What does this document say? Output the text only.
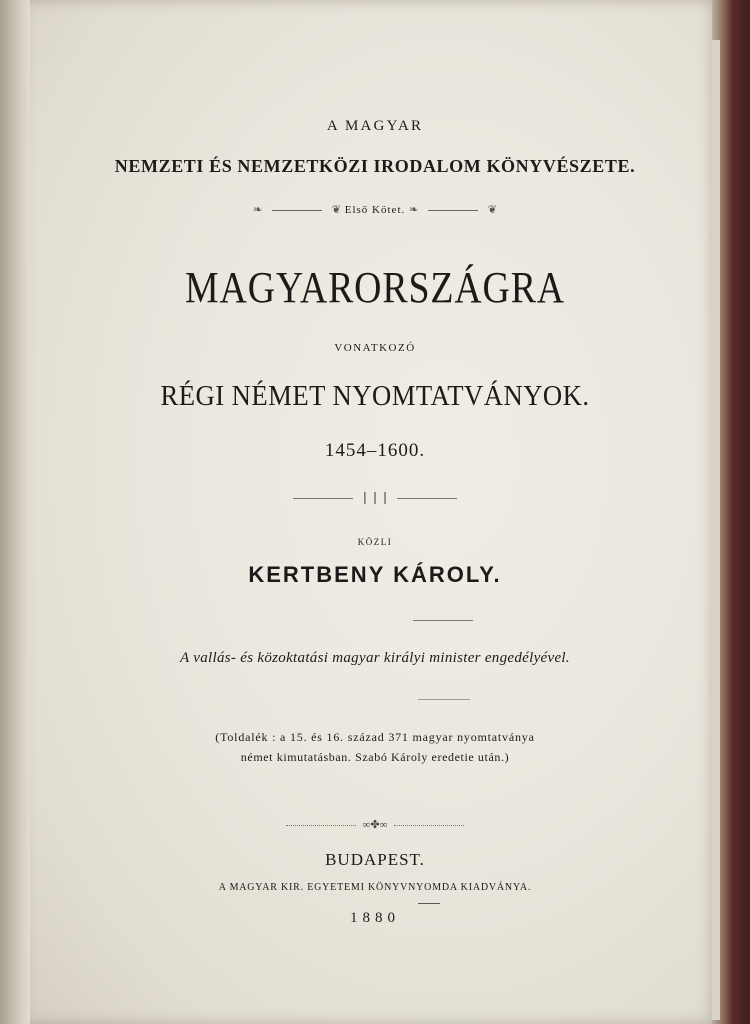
A MAGYAR
NEMZETI ÉS NEMZETKÖZI IRODALOM KÖNYVÉSZETE.
❧	❦ Első Kötet. ❧	❦
MAGYARORSZÁGRA
VONATKOZÓ
RÉGI NÉMET NYOMTATVÁNYOK.
1454–1600.
❘❘❘
KÖZLI
KERTBENY KÁROLY.
A vallás- és közoktatási magyar királyi minister engedélyével.
(Toldalék : a 15. és 16. század 371 magyar nyomtatványa
német kimutatásban. Szabó Károly eredetie után.)
∞✤∞
BUDAPEST.
A MAGYAR KIR. EGYETEMI KÖNYVNYOMDA KIADVÁNYA.
1880
